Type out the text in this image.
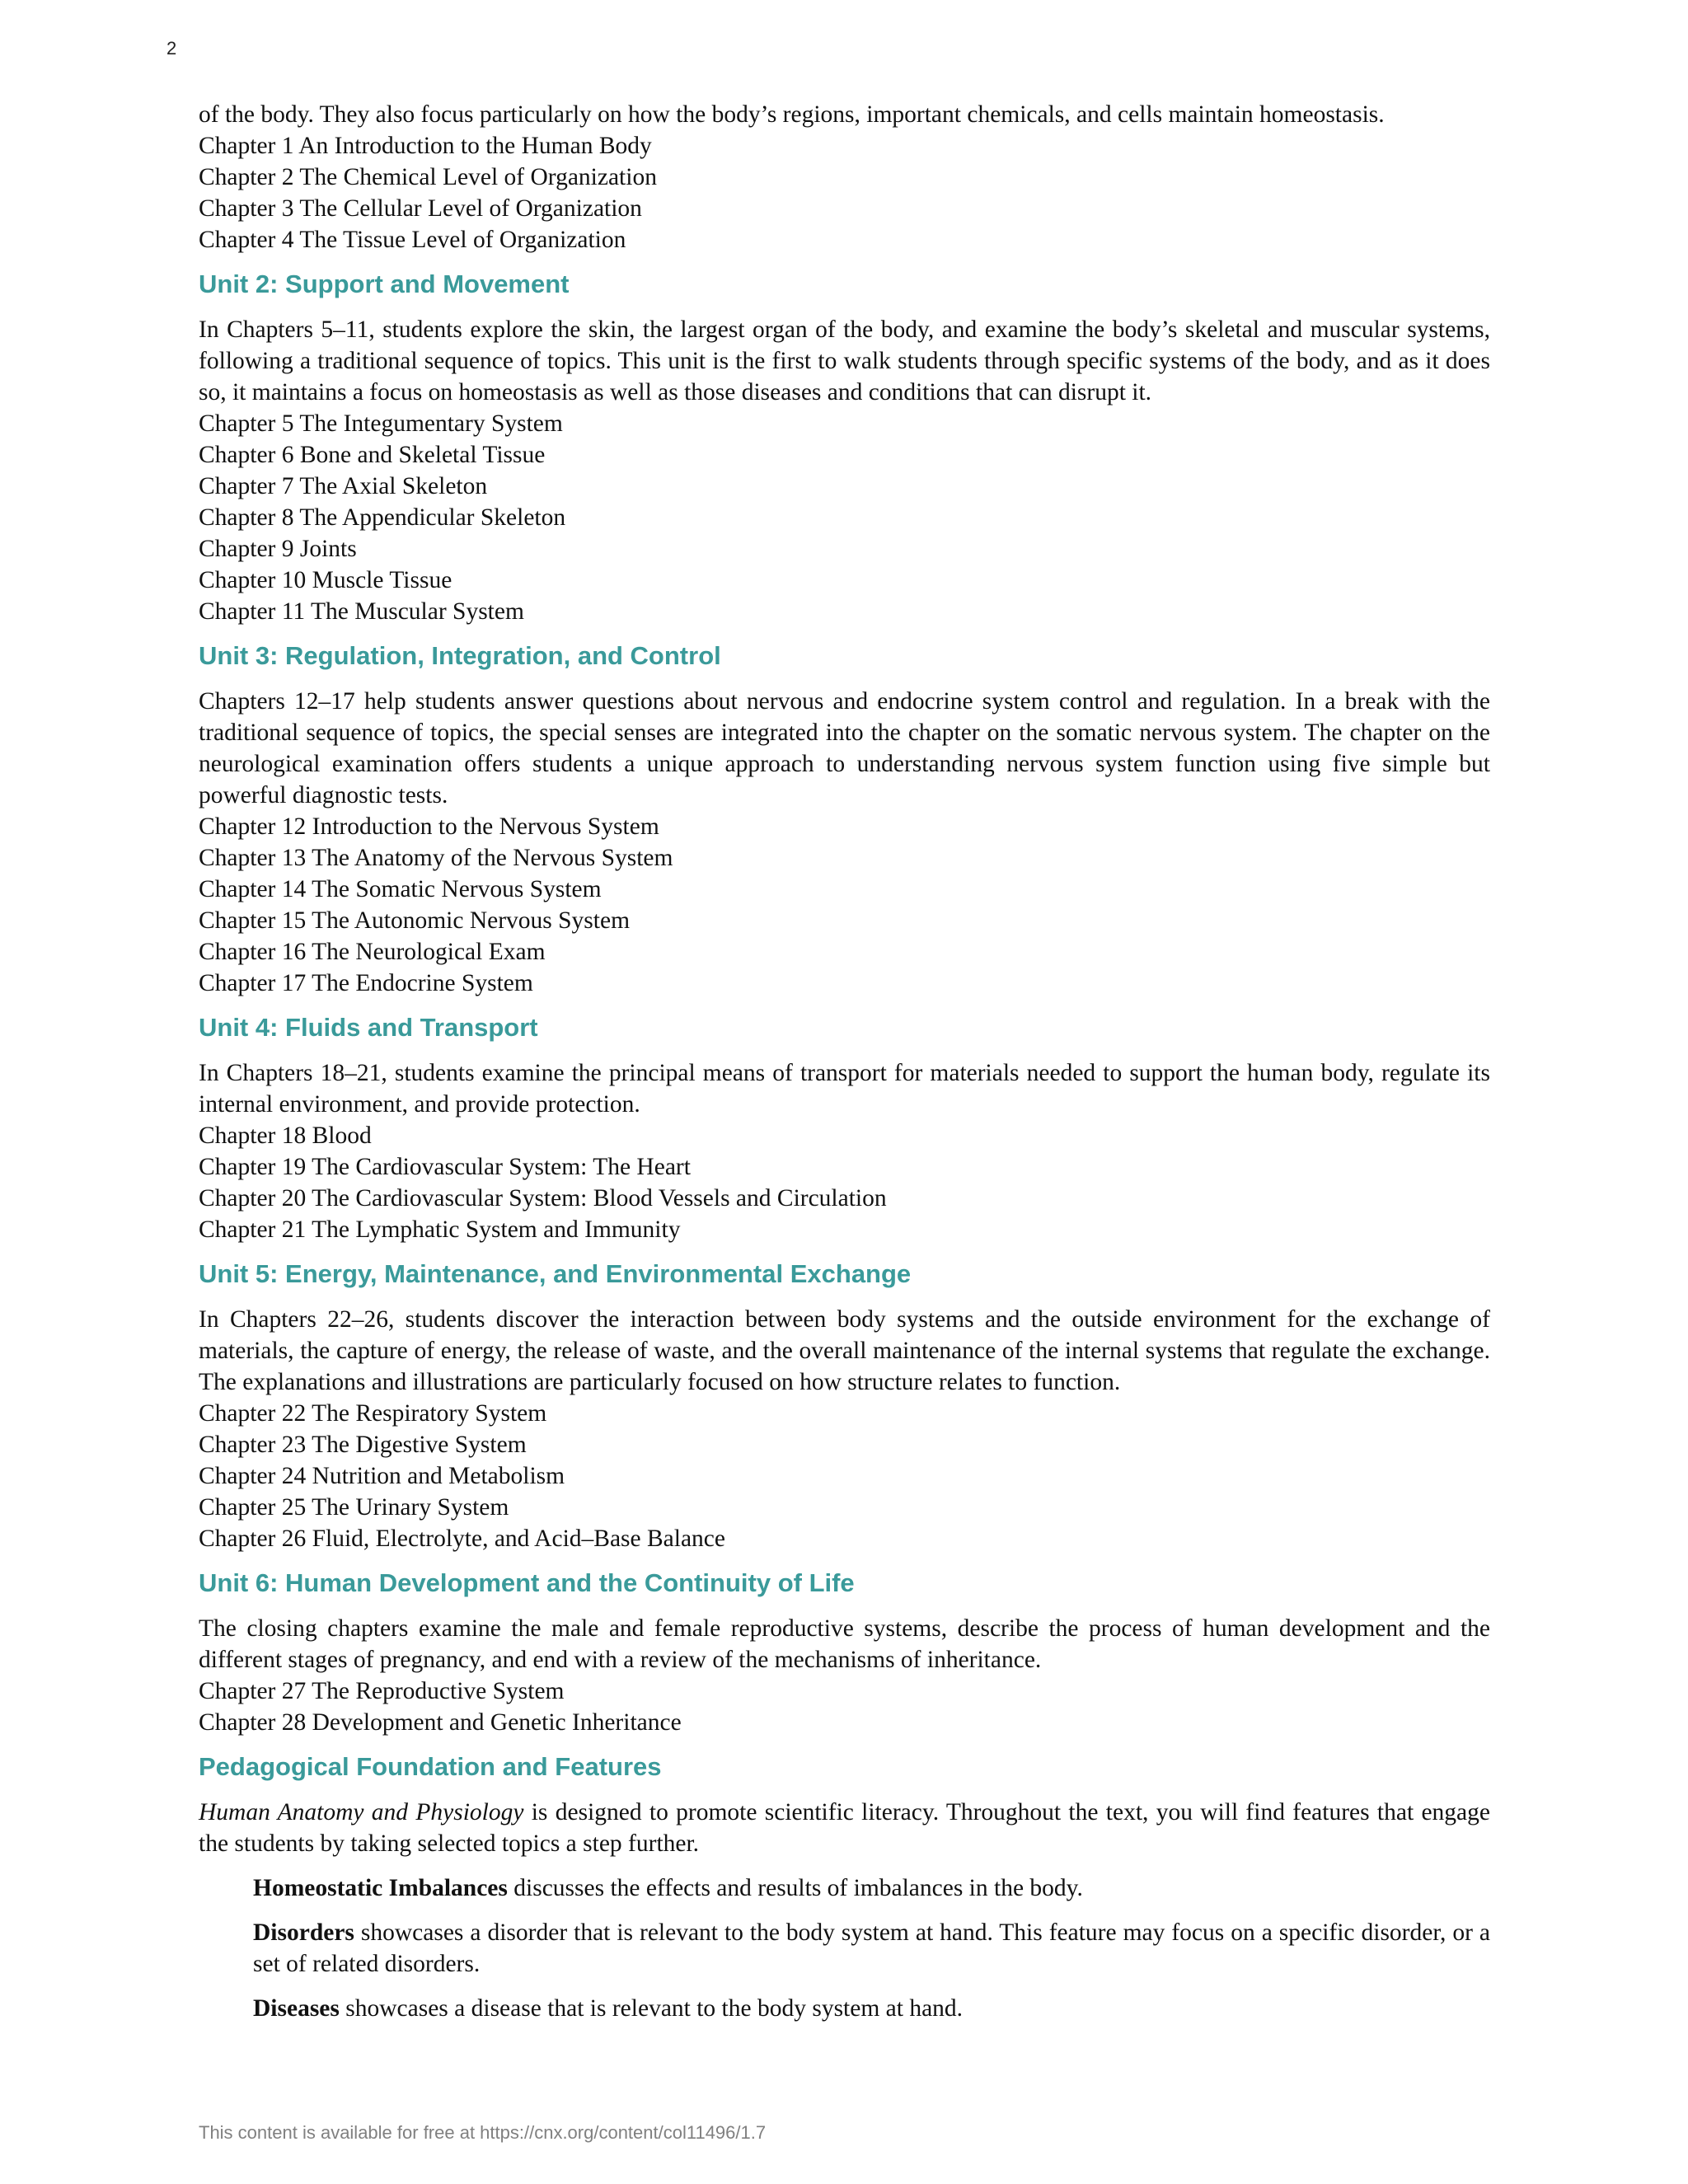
2

of the body. They also focus particularly on how the body’s regions, important chemicals, and cells maintain homeostasis.

Chapter 1 An Introduction to the Human Body
Chapter 2 The Chemical Level of Organization
Chapter 3 The Cellular Level of Organization
Chapter 4 The Tissue Level of Organization
Unit 2: Support and Movement

In Chapters 5–11, students explore the skin, the largest organ of the body, and examine the body’s skeletal and muscular systems, following a traditional sequence of topics. This unit is the first to walk students through specific systems of the body, and as it does so, it maintains a focus on homeostasis as well as those diseases and conditions that can disrupt it.

Chapter 5 The Integumentary System
Chapter 6 Bone and Skeletal Tissue
Chapter 7 The Axial Skeleton
Chapter 8 The Appendicular Skeleton
Chapter 9 Joints
Chapter 10 Muscle Tissue
Chapter 11 The Muscular System
Unit 3: Regulation, Integration, and Control

Chapters 12–17 help students answer questions about nervous and endocrine system control and regulation. In a break with the traditional sequence of topics, the special senses are integrated into the chapter on the somatic nervous system. The chapter on the neurological examination offers students a unique approach to understanding nervous system function using five simple but powerful diagnostic tests.

Chapter 12 Introduction to the Nervous System
Chapter 13 The Anatomy of the Nervous System
Chapter 14 The Somatic Nervous System
Chapter 15 The Autonomic Nervous System
Chapter 16 The Neurological Exam
Chapter 17 The Endocrine System
Unit 4: Fluids and Transport

In Chapters 18–21, students examine the principal means of transport for materials needed to support the human body, regulate its internal environment, and provide protection.

Chapter 18 Blood
Chapter 19 The Cardiovascular System: The Heart
Chapter 20 The Cardiovascular System: Blood Vessels and Circulation
Chapter 21 The Lymphatic System and Immunity
Unit 5: Energy, Maintenance, and Environmental Exchange

In Chapters 22–26, students discover the interaction between body systems and the outside environment for the exchange of materials, the capture of energy, the release of waste, and the overall maintenance of the internal systems that regulate the exchange. The explanations and illustrations are particularly focused on how structure relates to function.

Chapter 22 The Respiratory System
Chapter 23 The Digestive System
Chapter 24 Nutrition and Metabolism
Chapter 25 The Urinary System
Chapter 26 Fluid, Electrolyte, and Acid–Base Balance
Unit 6: Human Development and the Continuity of Life

The closing chapters examine the male and female reproductive systems, describe the process of human development and the different stages of pregnancy, and end with a review of the mechanisms of inheritance.

Chapter 27 The Reproductive System
Chapter 28 Development and Genetic Inheritance
Pedagogical Foundation and Features

Human Anatomy and Physiology is designed to promote scientific literacy. Throughout the text, you will find features that engage the students by taking selected topics a step further.

Homeostatic Imbalances discusses the effects and results of imbalances in the body.

Disorders showcases a disorder that is relevant to the body system at hand. This feature may focus on a specific disorder, or a set of related disorders.

Diseases showcases a disease that is relevant to the body system at hand.

This content is available for free at https://cnx.org/content/col11496/1.7
